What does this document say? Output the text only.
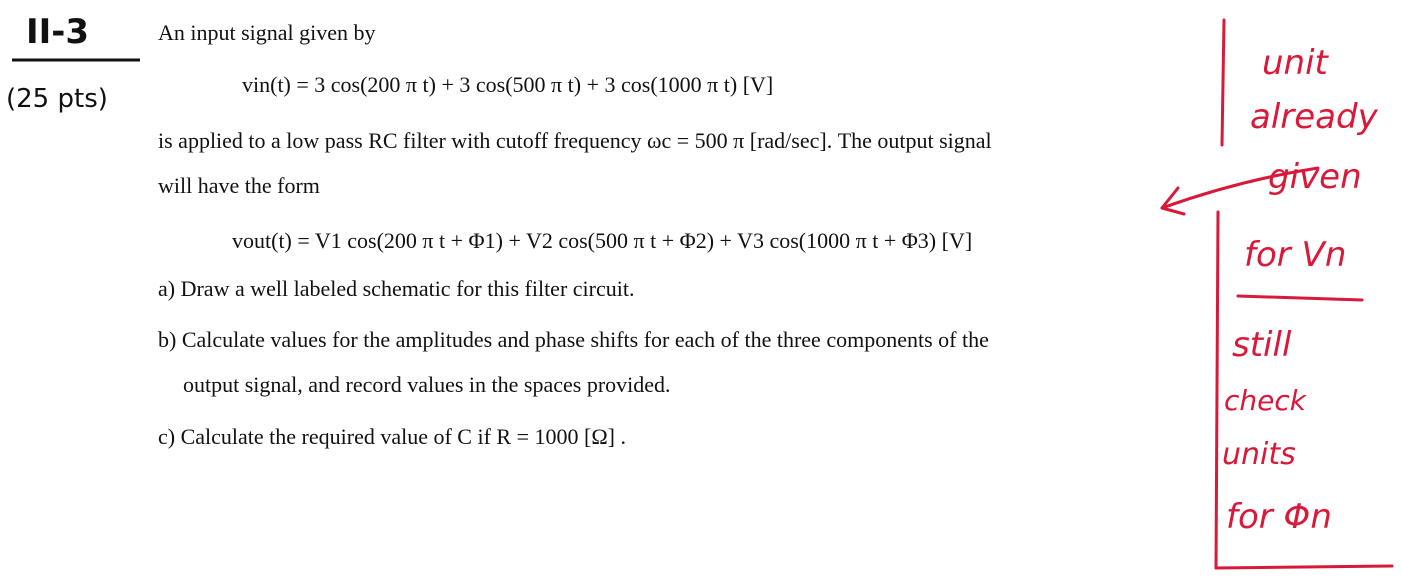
II-3
(25 pts)
An input signal given by
vin(t) = 3 cos(200 π t) + 3 cos(500 π t) + 3 cos(1000 π t) [V]
is applied to a low pass RC filter with cutoff frequency ωc = 500 π [rad/sec]. The output signal
will have the form
vout(t) = V1 cos(200 π t + Φ1) + V2 cos(500 π t + Φ2) + V3 cos(1000 π t + Φ3) [V]
a) Draw a well labeled schematic for this filter circuit.
b) Calculate values for the amplitudes and phase shifts for each of the three components of the
output signal, and record values in the spaces provided.
c) Calculate the required value of C if R = 1000 [Ω] .
unit
already
given
for Vn
still
check
units
for Φn
